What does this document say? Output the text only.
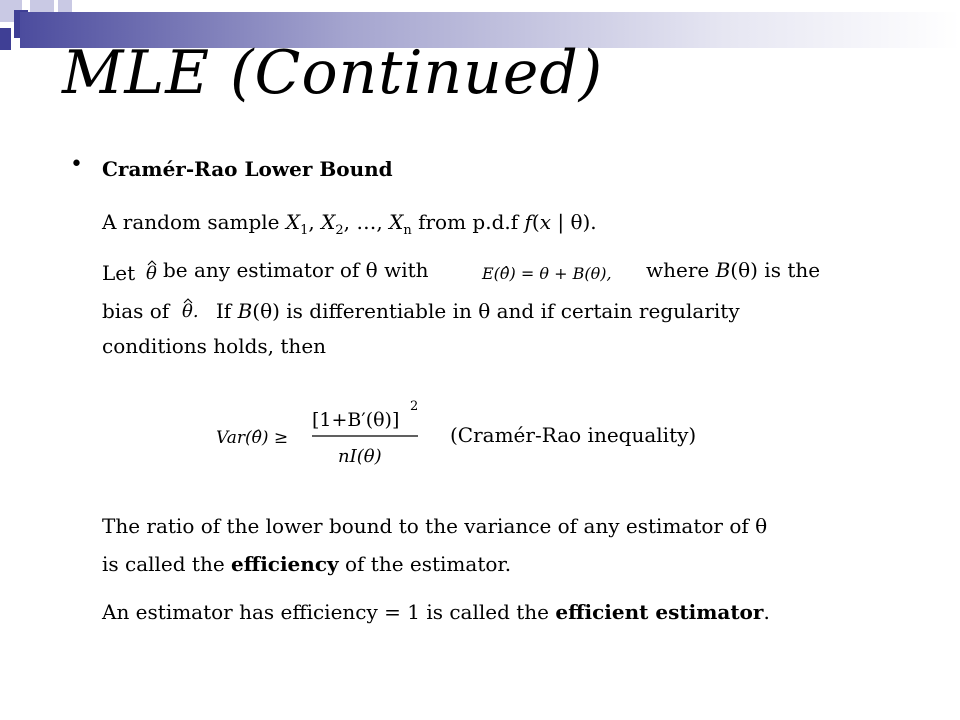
MLE (Continued)
• Cramér-Rao Lower Bound
A random sample $X_1$, $X_2$, …, $X_n$ from p.d.f f(x | θ).
Let θ be any estimator of θ with	E(θ̂) = θ + B(θ), where B(θ) is the
bias of θ. If B(θ) is differentiable in θ and if certain regularity
conditions holds, then
Var(θ̂) ≥
[1+B′(θ)]
2
nI(θ)
(Cramér-Rao inequality)
The ratio of the lower bound to the variance of any estimator of θ
is called the efficiency of the estimator.
An estimator has efficiency = 1 is called the efficient estimator.
